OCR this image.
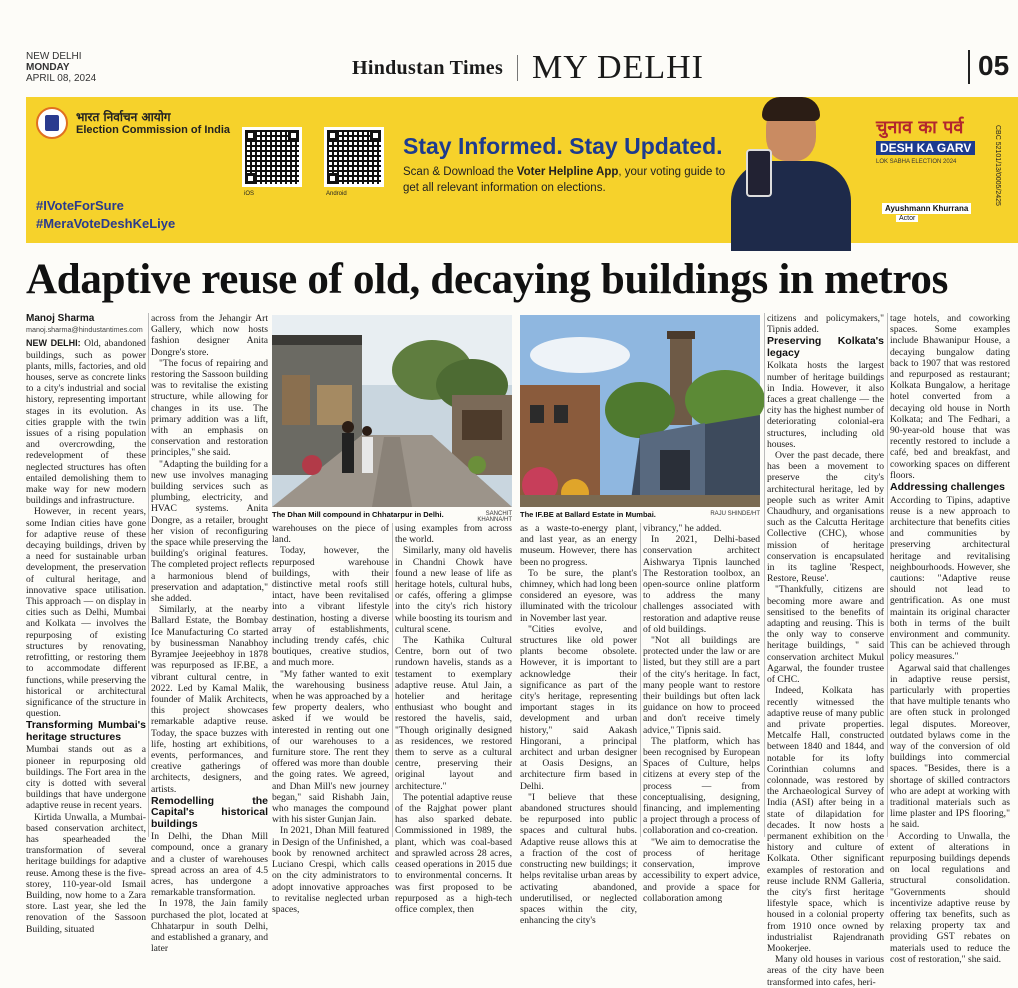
NEW DELHI
MONDAY
APRIL 08, 2024	Hindustan Times MY DELHI	05
भारत निर्वाचन आयोग
Election Commission of India
#IVoteForSure
#MeraVoteDeshKeLiye
iOS	Android
Stay Informed. Stay Updated.
Scan & Download the Voter Helpline App, your voting guide to get all relevant information on elections.
Ayushmann Khurrana
Actor
चुनाव का पर्व
DESH KA GARV
LOK SABHA ELECTION 2024	CBC 52101/13/0005/2425
Adaptive reuse of old, decaying buildings in metros
Manoj Sharma
manoj.sharma@hindustantimes.com

NEW DELHI: Old, abandoned buildings, such as power plants, mills, factories, and old houses, serve as concrete links to a city's industrial and social history, representing important stages in its evolution. As cities grapple with the twin issues of a rising population and overcrowding, the redevelopment of these neglected structures has often entailed demolishing them to make way for new modern buildings and infrastructure.

However, in recent years, some Indian cities have gone for adaptive reuse of these decaying buildings, driven by a need for sustainable urban development, the preservation of cultural heritage, and innovative space utilisation. This approach — on display in cities such as Delhi, Mumbai and Kolkata — involves the repurposing of existing structures by renovating, retrofitting, or restoring them to accommodate different functions, while preserving the historical or architectural significance of the structure in question.

Transforming Mumbai's heritage structures

Mumbai stands out as a pioneer in repurposing old buildings. The Fort area in the city is dotted with several buildings that have undergone adaptive reuse in recent years.

Kirtida Unwalla, a Mumbai-based conservation architect, has spearheaded the transformation of several heritage buildings for adaptive reuse. Among these is the five-storey, 110-year-old Ismail Building, now home to a Zara store. Last year, she led the renovation of the Sassoon Building, situated

across from the Jehangir Art Gallery, which now hosts fashion designer Anita Dongre's store.

"The focus of repairing and restoring the Sassoon building was to revitalise the existing structure, while allowing for changes in its use. The primary addition was a lift, with an emphasis on conservation and restoration principles," she said.

"Adapting the building for a new use involves managing building services such as plumbing, electricity, and HVAC systems. Anita Dongre, as a retailer, brought her vision of reconfiguring the space while preserving the building's original features. The completed project reflects a harmonious blend of preservation and adaptation," she added.

Similarly, at the nearby Ballard Estate, the Bombay Ice Manufacturing Co started by businessman Nanabhoy Byramjee Jeejeebhoy in 1878 was repurposed as IF.BE, a vibrant cultural centre, in 2022. Led by Kamal Malik, founder of Malik Architects, this project showcases remarkable adaptive reuse. Today, the space buzzes with life, hosting art exhibitions, events, performances, and creative gatherings of architects, designers, and artists.

Remodelling the Capital's historical buildings

In Delhi, the Dhan Mill compound, once a granary and a cluster of warehouses spread across an area of 4.5 acres, has undergone a remarkable transformation.

In 1978, the Jain family purchased the plot, located at Chhatarpur in south Delhi, and established a granary, and later

The Dhan Mill compound in Chhatarpur in Delhi.	SANCHIT KHANNA/HT

warehouses on the piece of land.

Today, however, the repurposed warehouse buildings, with their distinctive metal roofs still intact, have been revitalised into a vibrant lifestyle destination, hosting a diverse array of establishments, including trendy cafés, chic boutiques, creative studios, and much more.

"My father wanted to exit the warehousing business when he was approached by a few property dealers, who asked if we would be interested in renting out one of our warehouses to a furniture store. The rent they offered was more than double the going rates. We agreed, and Dhan Mill's new journey began," said Rishabh Jain, who manages the compound with his sister Gunjan Jain.

In 2021, Dhan Mill featured in Design of the Unfinished, a book by renowned architect Luciano Crespi, which calls on the city administrators to adopt innovative approaches to revitalise neglected urban spaces,

using examples from across the world.

Similarly, many old havelis in Chandni Chowk have found a new lease of life as heritage hotels, cultural hubs, or cafés, offering a glimpse into the city's rich history while boosting its tourism and cultural scene.

The Kathika Cultural Centre, born out of two rundown havelis, stands as a testament to exemplary adaptive reuse. Atul Jain, a hotelier and heritage enthusiast who bought and restored the havelis, said, "Though originally designed as residences, we restored them to serve as a cultural centre, preserving their original layout and architecture."

The potential adaptive reuse of the Rajghat power plant has also sparked debate. Commissioned in 1989, the plant, which was coal-based and sprawled across 28 acres, ceased operations in 2015 due to environmental concerns. It was first proposed to be repurposed as a high-tech office complex, then

The IF.BE at Ballard Estate in Mumbai.	RAJU SHINDE/HT

as a waste-to-energy plant, and last year, as an energy museum. However, there has been no progress.

To be sure, the plant's chimney, which had long been considered an eyesore, was illuminated with the tricolour in November last year.

"Cities evolve, and structures like old power plants become obsolete. However, it is important to acknowledge their significance as part of the city's heritage, representing important stages in its development and urban history," said Aakash Hingorani, a principal architect and urban designer at Oasis Designs, an architecture firm based in Delhi.

"I believe that these abandoned structures should be repurposed into public spaces and cultural hubs. Adaptive reuse allows this at a fraction of the cost of constructing new buildings; it helps revitalise urban areas by activating abandoned, underutilised, or neglected spaces within the city, enhancing the city's

vibrancy," he added.

In 2021, Delhi-based conservation architect Aishwarya Tipnis launched The Restoration toolbox, an open-source online platform to address the many challenges associated with restoration and adaptive reuse of old buildings.

"Not all buildings are protected under the law or are listed, but they still are a part of the city's heritage. In fact, many people want to restore their buildings but often lack guidance on how to proceed and don't receive timely advice," Tipnis said.

The platform, which has been recognised by European Spaces of Culture, helps citizens at every step of the process — from conceptualising, designing, financing, and implementing a project through a process of collaboration and co-creation.

"We aim to democratise the process of heritage conservation, improve accessibility to expert advice, and provide a space for collaboration among

citizens and policymakers," Tipnis added.

Preserving Kolkata's legacy

Kolkata hosts the largest number of heritage buildings in India. However, it also faces a great challenge — the city has the highest number of deteriorating colonial-era structures, including old houses.

Over the past decade, there has been a movement to preserve the city's architectural heritage, led by people such as writer Amit Chaudhury, and organisations such as the Calcutta Heritage Collective (CHC), whose mission of heritage conservation is encapsulated in its tagline 'Respect, Restore, Reuse'.

"Thankfully, citizens are becoming more aware and sensitised to the benefits of adapting and reusing. This is the only way to conserve heritage buildings, " said conservation architect Mukul Agarwal, the founder trustee of CHC.

Indeed, Kolkata has recently witnessed the adaptive reuse of many public and private properties. Metcalfe Hall, constructed between 1840 and 1844, and notable for its lofty Corinthian columns and colonnade, was restored by the Archaeological Survey of India (ASI) after being in a state of dilapidation for decades. It now hosts a permanent exhibition on the history and culture of Kolkata. Other significant examples of restoration and reuse include RNM Galleria, the city's first heritage lifestyle space, which is housed in a colonial property from 1910 once owned by industrialist Rajendranath Mookerjee.

Many old houses in various areas of the city have been transformed into cafes, heri-

tage hotels, and coworking spaces. Some examples include Bhawanipur House, a decaying bungalow dating back to 1907 that was restored and repurposed as restaurant; Kolkata Bungalow, a heritage hotel converted from a decaying old house in North Kolkata; and The Fedhari, a 90-year-old house that was recently restored to include a café, bed and breakfast, and coworking spaces on different floors.

Addressing challenges

According to Tipins, adaptive reuse is a new approach to architecture that benefits cities and communities by preserving architectural heritage and revitalising neighbourhoods. However, she cautions: "Adaptive reuse should not lead to gentrification. As one must maintain its original character both in terms of the built environment and community. This can be achieved through policy measures."

Agarwal said that challenges in adaptive reuse persist, particularly with properties that have multiple tenants who are often stuck in prolonged legal disputes. Moreover, outdated bylaws come in the way of the conversion of old buildings into commercial spaces. "Besides, there is a shortage of skilled contractors who are adept at working with traditional materials such as lime plaster and IPS flooring," he said.

According to Unwalla, the extent of alterations in repurposing buildings depends on local regulations and structural consolidation. "Governments should incentivize adaptive reuse by offering tax benefits, such as relaxing property tax and providing GST rebates on materials used to reduce the cost of restoration," she said.
